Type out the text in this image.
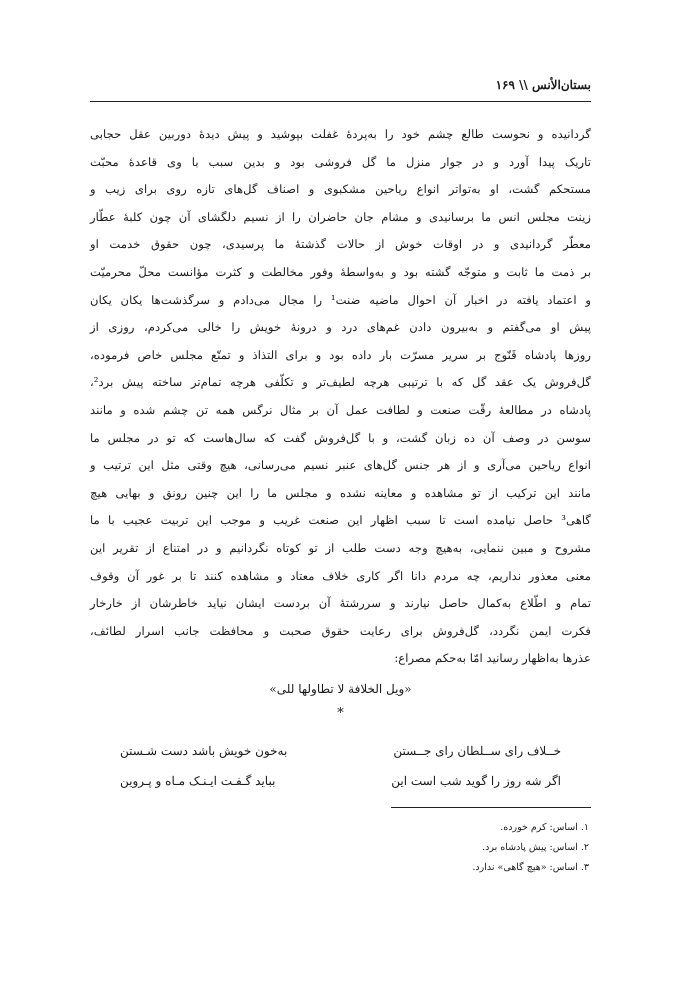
بستان‌الأنس \\ ۱۶۹
گردانیده و نحوست طالع چشم خود را به‌پردهٔ غفلت بپوشید و پیش دیدهٔ دوربین عقل حجابی
تاریک پیدا آورد و در جوار منزل ما گل فروشی بود و بدین سبب با وی قاعدهٔ محبّت
مستحکم گشت، او به‌تواتر انواع ریاحین مشکبوی و اصناف گل‌های تازه روی برای زیب و
زینت مجلس انس ما برسانیدی و مشام جان حاضران را از نسیم دلگشای آن چون کلبهٔ عطّار
معطّر گردانیدی و در اوقات خوش از حالات گذشتهٔ ما پرسیدی، چون حقوق خدمت او
بر ذمت ما ثابت و متوجّه گشته بود و به‌واسطهٔ وفور مخالطت و کثرت مؤانست محلّ محرمیّت
و اعتماد یافته در اخبار آن احوال ماضیه ضنت¹ را مجال می‌دادم و سرگذشت‌ها یکان یکان
پیش او می‌گفتم و به‌بیرون دادن غم‌های درد و درونهٔ خویش را خالی می‌کردم، روزی از
روزها پادشاه قَنّوج بر سریر مسرّت بار داده بود و برای التذاذ و تمتّع مجلس خاص فرموده،
گل‌فروش یک عقد گل که با ترتیبی هرچه لطیف‌تر و تکلّفی هرچه تمام‌تر ساخته پیش برد²،
پادشاه در مطالعهٔ رقّت صنعت و لطافت عمل آن بر مثال نرگس همه تن چشم شده و مانند
سوسن در وصف آن ده زبان گشت، و با گل‌فروش گفت که سال‌هاست که تو در مجلس ما
انواع ریاحین می‌آری و از هر جنس گل‌های عنبر نسیم می‌رسانی، هیچ وقتی مثل این ترتیب و
مانند این ترکیب از تو مشاهده و معاینه نشده و مجلس ما را این چنین رونق و بهایی هیچ
گاهی³ حاصل نیامده است تا سبب اظهار این صنعت غریب و موجب این تربیت عجیب با ما
مشروح و مبین ننمایی، به‌هیچ وجه دست طلب از تو کوتاه نگردانیم و در امتناع از تقریر این
معنی معذور نداریم، چه مردم دانا اگر کاری خلاف معتاد و مشاهده کنند تا بر غور آن وقوف
تمام و اطّلاع به‌کمال حاصل نیارند و سررشتهٔ آن بردست ایشان نیاید خاطرشان از خارخار
فکرت ایمن نگردد، گل‌فروش برای رعایت حقوق صحبت و محافظت جانب اسرار لطائف،
عذرها به‌اظهار رسانید امّا به‌حکم مصراع:
«ویل الخلافة لا تطاولها للی»
*
خــلاف رای ســلطان رای جــستن
به‌خون خویش باشد دست شـستن
اگر شه روز را گوید شب است این
بباید گـفـت ایـنـک مـاه و پـروین
۱. اساس: کرم خورده.
۲. اساس: پیش پادشاه برد.
۳. اساس: «هیچ گاهی» ندارد.
